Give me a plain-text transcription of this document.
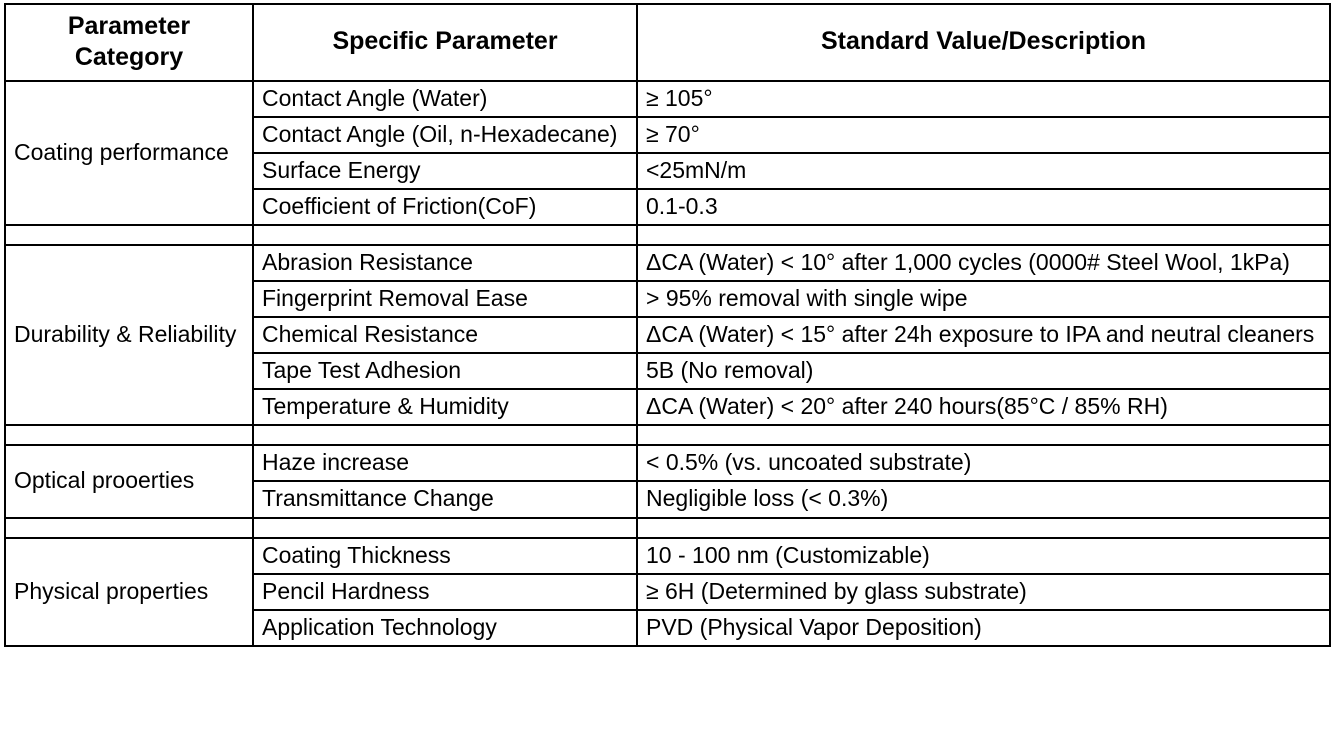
Parameter Category	Specific Parameter	Standard Value/Description
Coating performance	Contact Angle (Water)	≥ 105°
	Contact Angle (Oil, n-Hexadecane)	≥ 70°
	Surface Energy	<25mN/m
	Coefficient of Friction(CoF)	0.1-0.3

Durability & Reliability	Abrasion Resistance	ΔCA (Water) < 10° after 1,000 cycles (0000# Steel Wool, 1kPa)
	Fingerprint Removal Ease	> 95% removal with single wipe
	Chemical Resistance	ΔCA (Water) < 15° after 24h exposure to IPA and neutral cleaners
	Tape Test Adhesion	5B (No removal)
	Temperature & Humidity	ΔCA (Water) < 20° after 240 hours(85°C / 85% RH)

Optical prooerties	Haze increase	< 0.5% (vs. uncoated substrate)
	Transmittance Change	Negligible loss (< 0.3%)

Physical properties	Coating Thickness	10 - 100 nm (Customizable)
	Pencil Hardness	≥ 6H (Determined by glass substrate)
	Application Technology	PVD (Physical Vapor Deposition)
